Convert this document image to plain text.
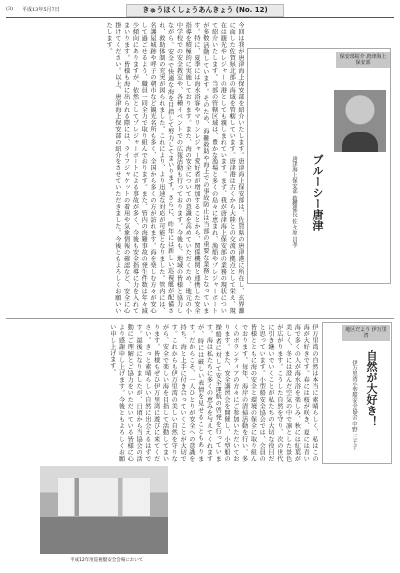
(3) 平成13年5月7日	きゅうほくしょうあんきょう (No. 12)
今回は我が唐津海上保安部を紹介いたします。唐津海上保安部は、佐賀県の唐津港に所在し、玄界灘に面した佐賀県北部の海域を管轄しています。唐津港は古くから大陸との交流の拠点として栄え、現在は観光やレジャーの港としても親しまれています。まず、我が唐津海上保安部の業務の現状について紹介いたします。当部の管轄区域は、豊かな漁場と多くの島々に恵まれ、漁船やプレジャーボートが多数活動しています。そのため、海難救助や海上での事故防止は当部の重要な業務となっています。特に、夏季には海水浴客やマリンレジャー愛好者が増加することから、関係機関と連携した安全指導を積極的に実施しております。また、海の安全についての意識を高めていただくため、地元の小中学校での安全教室や、各種イベントでの広報活動も行っております。今後も、地域の皆様と協力しながら、安全で快適な海を目指して努力してまいります。さらに、昨年には新しい巡視艇が配備され、救助体制の充実が図られました。これにより、より迅速な対応が可能となりました。管内には、名護屋城跡や呼子の朝市など観光名所も多く、全国から多くの方が訪れます。海を楽しむ方々が安心して過ごせるよう、職員一同全力で取り組んでおります。また、管内の海難事故の発生件数は年々減少傾向にありますが、依然としてプレジャーボートによる事故が多く、今後も安全指導に力を入れてまいります。皆様も海に出られる際には、ライフジャケットの着用や気象情報の確認など、安全に心掛けてください。以上、唐津海上保安部の紹介をさせていただきました。今後ともよろしくお願いいたします。
保安部紹介 唐津海上保安部
ブルーシー唐津
唐津海上保安部 救難係長 佐々原 昌孝
伊万里湾の自然は本当に素晴らしく、私はこの海が大好きです。春には桜が咲き、夏には青い海で多くの人が海水浴を楽しみ、秋には紅葉が美しく、冬には澄んだ空気の中で凛とした景色が広がります。こうした自然を守り、次の世代に引き継いでいくことが私たちの大切な役目だと思っています。小型船安全協会では、会員の皆様とともに海の安全と環境の保全に取り組んでおります。毎年、海岸の清掃活動を行い、多くのボランティアの方々にご参加いただいております。また、安全講習会を開催し、小型船の操船者に対して安全運航の啓発を行っています。海は私たちに多くの恵みを与えてくれますが、時には厳しい表情を見せることもあります。だからこそ、一人ひとりが安全への意識を持ち、海と上手に付き合っていくことが大切です。これからも伊万里湾の美しい自然を守りながら、安全で楽しい海を目指して活動してまいります。皆様もぜひ伊万里湾に遊びに来てください。きっと素晴らしい自然に出会えるはずです。最後になりましたが、日頃から当協会の活動にご理解とご協力をいただいている皆様に心より感謝申し上げます。今後ともよろしくお願い申し上げます。	地区だより 伊万里湾
自然が大好き！
伊万里湾小型船安全協会 中野 三千子
平成12年度巡視艇安全会場において
